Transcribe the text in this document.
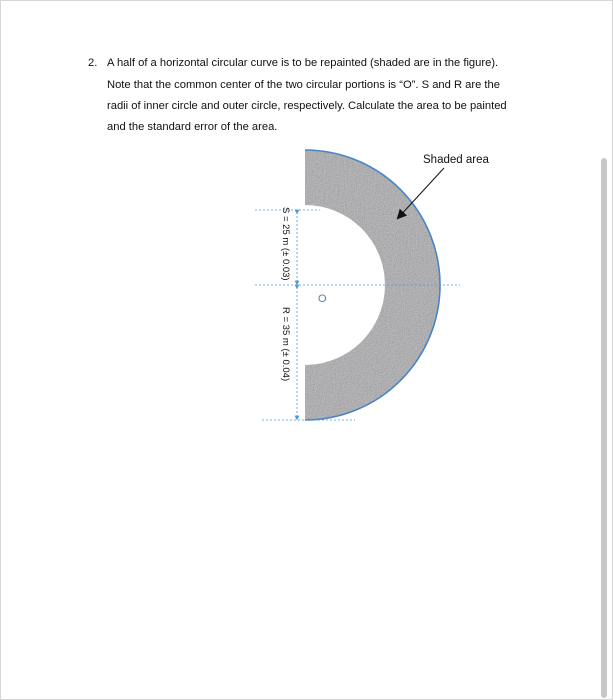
2. A half of a horizontal circular curve is to be repainted (shaded are in the figure).
Note that the common center of the two circular portions is “O”. S and R are the
radii of inner circle and outer circle, respectively. Calculate the area to be painted
and the standard error of the area.
O
S = 25 m (± 0.03)
R = 35 m (± 0.04)
Shaded area
